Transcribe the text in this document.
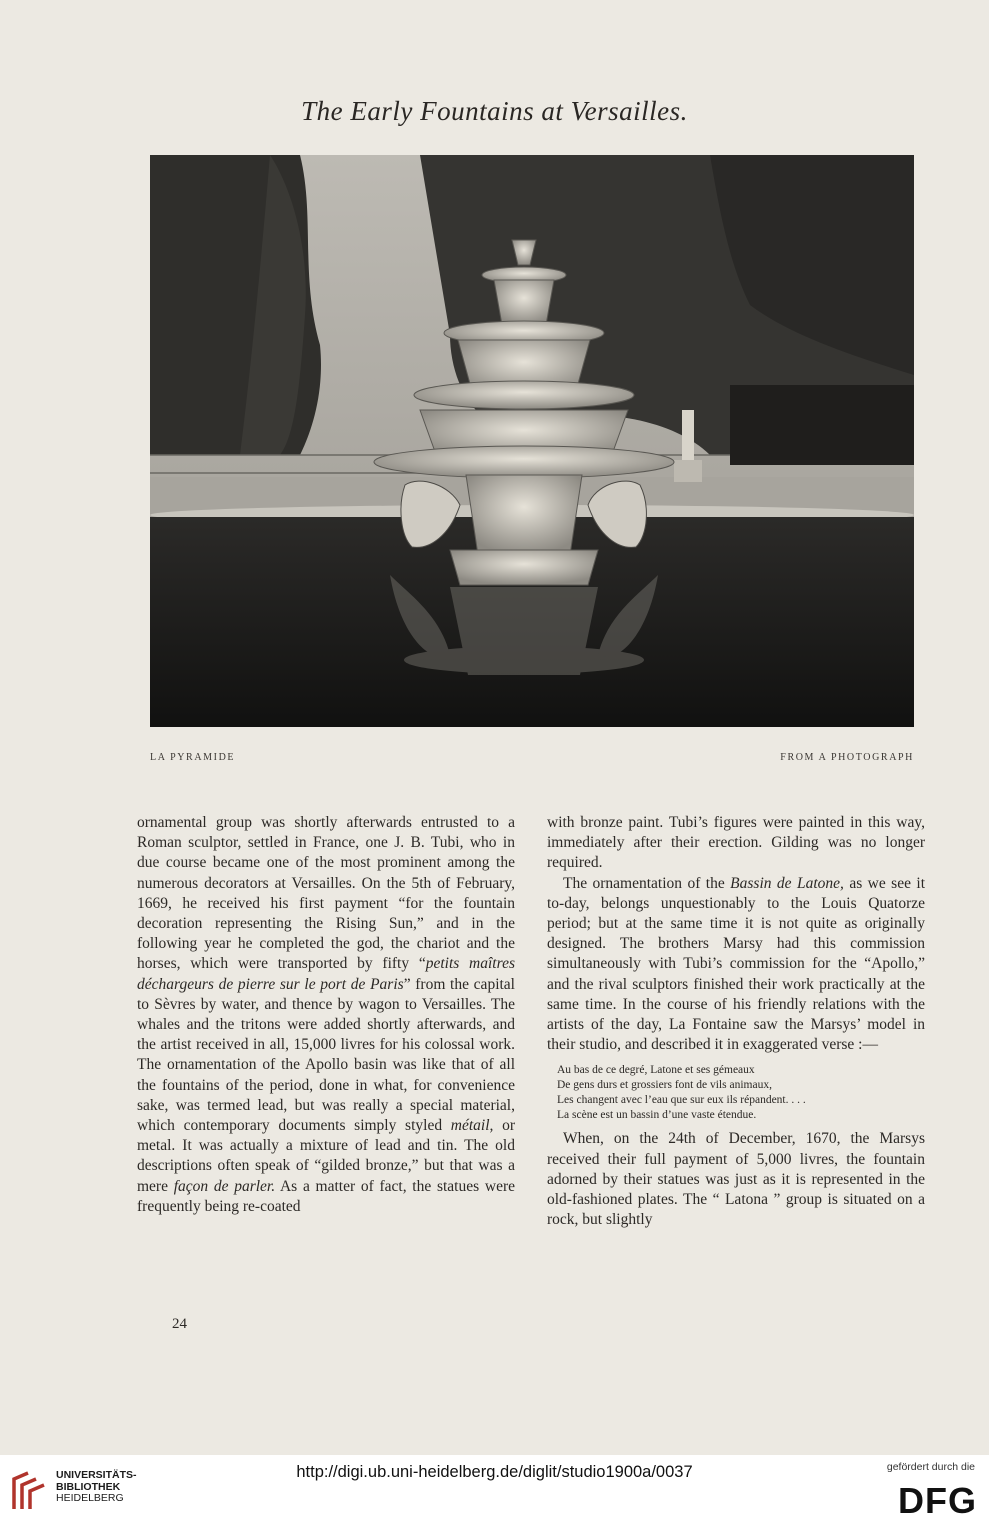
The Early Fountains at Versailles.
LA PYRAMIDE	FROM A PHOTOGRAPH

ornamental group was shortly afterwards entrusted to a Roman sculptor, settled in France, one J. B. Tubi, who in due course became one of the most prominent among the numerous decorators at Versailles. On the 5th of February, 1669, he received his first payment “for the fountain decoration representing the Rising Sun,” and in the following year he completed the god, the chariot and the horses, which were transported by fifty “petits maîtres déchargeurs de pierre sur le port de Paris” from the capital to Sèvres by water, and thence by wagon to Versailles. The whales and the tritons were added shortly afterwards, and the artist received in all, 15,000 livres for his colossal work. The ornamentation of the Apollo basin was like that of all the fountains of the period, done in what, for convenience sake, was termed lead, but was really a special material, which contemporary documents simply styled métail, or metal. It was actually a mixture of lead and tin. The old descriptions often speak of “gilded bronze,” but that was a mere façon de parler. As a matter of fact, the statues were frequently being re-coated

with bronze paint. Tubi’s figures were painted in this way, immediately after their erection. Gilding was no longer required.

The ornamentation of the Bassin de Latone, as we see it to-day, belongs unquestionably to the Louis Quatorze period; but at the same time it is not quite as originally designed. The brothers Marsy had this commission simultaneously with Tubi’s commission for the “Apollo,” and the rival sculptors finished their work practically at the same time. In the course of his friendly relations with the artists of the day, La Fontaine saw the Marsys’ model in their studio, and described it in exaggerated verse :—

Au bas de ce degré, Latone et ses gémeaux
De gens durs et grossiers font de vils animaux,
Les changent avec l’eau que sur eux ils répandent. . . .
La scène est un bassin d’une vaste étendue.

When, on the 24th of December, 1670, the Marsys received their full payment of 5,000 livres, the fountain adorned by their statues was just as it is represented in the old-fashioned plates. The “ Latona ” group is situated on a rock, but slightly

24
UNIVERSITÄTS-
BIBLIOTHEK
HEIDELBERG
http://digi.ub.uni-heidelberg.de/diglit/studio1900a/0037	gefördert durch die
DFG
